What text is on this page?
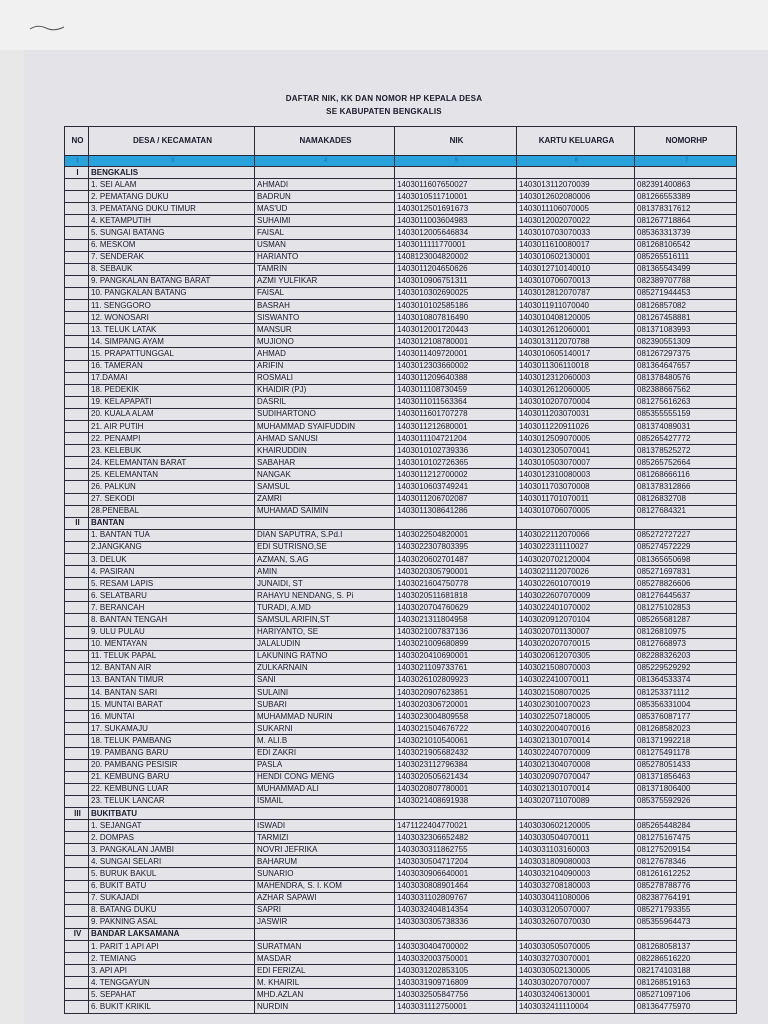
DAFTAR NIK, KK DAN NOMOR HP KEPALA DESA
SE KABUPATEN BENGKALIS
NO	DESA / KECAMATAN	NAMAKADES	NIK	KARTU KELUARGA	NOMORHP
1	3	4	5	6	7
I	BENGKALIS				
	1. SEI ALAM	AHMADI	1403011607650027	1403013112070039	082391400863
	2. PEMATANG DUKU	BADRUN	1403010511710001	1403012602080006	081266553389
	3. PEMATANG DUKU TIMUR	MAS'UD	1403012501691673	1403011106070005	081378317612
	4. KETAMPUTIH	SUHAIMI	1403011003604983	1403012002070022	081267718864
	5. SUNGAI BATANG	FAISAL	1403012005646834	1403010703070033	085363313739
	6. MESKOM	USMAN	1403011111770001	1403011610080017	081268106542
	7. SENDERAK	HARIANTO	1408123004820002	1403010602130001	085265516111
	8. SEBAUK	TAMRIN	1403011204650626	1403012710140010	081365543499
	9. PANGKALAN BATANG BARAT	AZMI YULFIKAR	1403010906751311	1403010706070013	082389707788
	10. PANGKALAN BATANG	FAISAL	1403010302690025	1403012812070787	085271944453
	11. SENGGORO	BASRAH	1403010102585186	1403011911070040	08126857082
	12. WONOSARI	SISWANTO	1403010807816490	1403010408120005	081267458881
	13. TELUK LATAK	MANSUR	1403012001720443	1403012612060001	081371083993
	14. SIMPANG AYAM	MUJIONO	1403012108780001	1403013112070788	082390551309
	15. PRAPATTUNGGAL	AHMAD	1403011409720001	1403010605140017	081267297375
	16. TAMERAN	ARIFIN	1403012303660002	1403011306110018	081364647657
	17.DAMAI	ROSMALI	1403011209640388	1403012312060003	081378480576
	18. PEDEKIK	KHAIDIR (PJ)	1403011108730459	1403012612060005	082388667562
	19. KELAPAPATI	DASRIL	1403011011563364	1403010207070004	081275616263
	20. KUALA ALAM	SUDIHARTONO	1403011601707278	1403011203070031	085355555159
	21. AIR PUTIH	MUHAMMAD SYAIFUDDIN	1403011212680001	1403011220911026	081374089031
	22. PENAMPI	AHMAD SANUSI	1403011104721204	1403012509070005	085265427772
	23. KELEBUK	KHAIRUDDIN	1403010102739336	1403012305070041	081378525272
	24. KELEMANTAN BARAT	SABAHAR	1403010102726365	1403010503070007	085265752664
	25. KELEMANTAN	NANGAK	1403011212700002	1403012310080003	081268666116
	26. PALKUN	SAMSUL	1403010603749241	1403011703070008	081378312866
	27. SEKODI	ZAMRI	1403011206702087	1403011701070011	08126832708
	28.PENEBAL	MUHAMAD SAIMIN	1403011308641286	1403010706070005	08127684321
II	BANTAN				
	1. BANTAN TUA	DIAN SAPUTRA, S.Pd.I	1403022504820001	1403022112070066	085272727227
	2.JANGKANG	EDI SUTRISNO,SE	1403022307803395	1403022311110027	085274572229
	3. DELUK	AZMAN, S.AG	1403020602701487	1403020702120004	081365650698
	4. PASIRAN	AMIN	1403020305790001	1403021112070026	085271697831
	5. RESAM LAPIS	JUNAIDI, ST	1403021604750778	1403022601070019	085278826606
	6. SELATBARU	RAHAYU NENDANG, S. Pi	1403020511681818	1403022607070009	081276445637
	7. BERANCAH	TURADI, A.MD	1403020704760629	1403022401070002	081275102853
	8. BANTAN TENGAH	SAMSUL ARIFIN,ST	1403021311804958	1403020912070104	085265681287
	9. ULU PULAU	HARIYANTO, SE	1403021007837136	1403020701130007	08126810975
	10. MENTAYAN	JALALUDIN	1403021009680899	1403020207070015	08127668973
	11. TELUK PAPAL	LAKUNING RATNO	1403020410690001	1403020612070305	082288326203
	12. BANTAN AIR	ZULKARNAIN	1403021109733761	1403021508070003	085229529292
	13. BANTAN TIMUR	SANI	1403026102809923	1403022410070011	081364533374
	14. BANTAN SARI	SULAINI	1403020907623851	1403021508070025	081253371112
	15. MUNTAI BARAT	SUBARI	1403020306720001	1403023010070023	085356331004
	16. MUNTAI	MUHAMMAD NURIN	1403023004809558	1403022507180005	085376087177
	17. SUKAMAJU	SUKARNI	1403021504676722	1403022004070016	081268582023
	18. TELUK PAMBANG	M. ALI.B	1403021010540061	1403021301070014	081371992218
	19. PAMBANG BARU	EDI ZAKRI	1403021905682432	1403022407070009	081275491178
	20. PAMBANG PESISIR	PASLA	1403023112796384	1403021304070008	085278051433
	21. KEMBUNG BARU	HENDI CONG MENG	1403020505621434	1403020907070047	081371856463
	22. KEMBUNG LUAR	MUHAMMAD ALI	1403020807780001	1403021301070014	081371806400
	23. TELUK LANCAR	ISMAIL	1403021408691938	1403020711070089	085375592926
III	BUKITBATU				
	1. SEJANGAT	ISWADI	1471122404770021	1403030602120005	085265448284
	2. DOMPAS	TARMIZI	1403032306652482	1403030504070011	081275167475
	3. PANGKALAN JAMBI	NOVRI JEFRIKA	1403030311862755	1403031103160003	081275209154
	4. SUNGAI SELARI	BAHARUM	1403030504717204	1403031809080003	08127678346
	5. BURUK BAKUL	SUNARIO	1403030906640001	1403032104090003	081261612252
	6. BUKIT BATU	MAHENDRA, S. I. KOM	1403030808901464	1403032708180003	085278788776
	7. SUKAJADI	AZHAR SAPAWI	1403031102809767	1403030411080006	082387764191
	8. BATANG DUKU	SAPRI	1403032404814354	1403031205070007	085271793355
	9. PAKNING ASAL	JASWIR	1403030305738336	1403032607070030	085355964473
IV	BANDAR LAKSAMANA				
	1. PARIT 1 API API	SURATMAN	1403030404700002	1403030505070005	081268058137
	2. TEMIANG	MASDAR	1403032003750001	1403032703070001	082286516220
	3. API API	EDI FERIZAL	1403031202853105	1403030502130005	082174103188
	4. TENGGAYUN	M. KHAIRIL	1403031909716809	1403030207070007	081268519163
	5. SEPAHAT	MHD.AZLAN	1403032505847756	1403032406130001	085271097106
	6. BUKIT KRIKIL	NURDIN	1403031112750001	1403032411110004	081364775970
